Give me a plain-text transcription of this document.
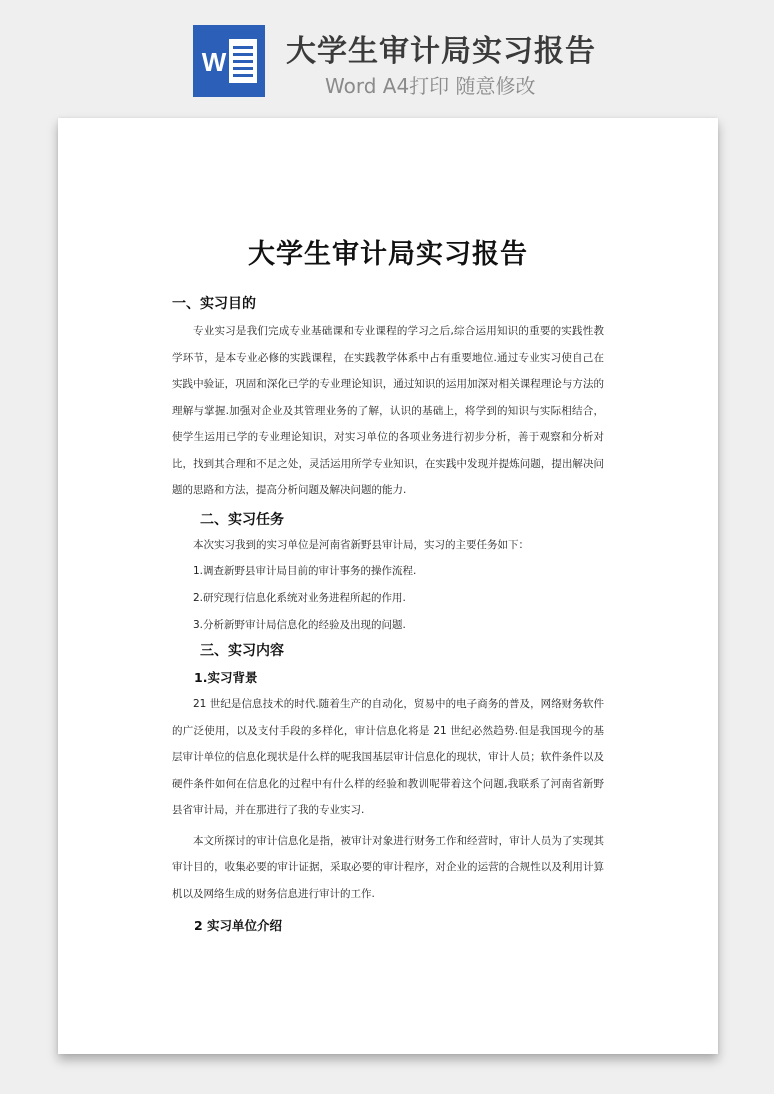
W 大学生审计局实习报告
Word A4打印 随意修改
大学生审计局实习报告

一、实习目的

专业实习是我们完成专业基础课和专业课程的学习之后,综合运用知识的重要的实践性教学环节，是本专业必修的实践课程，在实践教学体系中占有重要地位.通过专业实习使自己在实践中验证，巩固和深化已学的专业理论知识，通过知识的运用加深对相关课程理论与方法的理解与掌握.加强对企业及其管理业务的了解，认识的基础上，将学到的知识与实际相结合，使学生运用已学的专业理论知识，对实习单位的各项业务进行初步分析，善于观察和分析对比，找到其合理和不足之处，灵活运用所学专业知识，在实践中发现并提炼问题，提出解决问题的思路和方法，提高分析问题及解决问题的能力.

二、实习任务

本次实习我到的实习单位是河南省新野县审计局，实习的主要任务如下：

1.调查新野县审计局目前的审计事务的操作流程.

2.研究现行信息化系统对业务进程所起的作用.

3.分析新野审计局信息化的经验及出现的问题.

三、实习内容

1.实习背景

21 世纪是信息技术的时代.随着生产的自动化，贸易中的电子商务的普及，网络财务软件的广泛使用，以及支付手段的多样化，审计信息化将是 21 世纪必然趋势.但是我国现今的基层审计单位的信息化现状是什么样的呢我国基层审计信息化的现状，审计人员；软件条件以及硬件条件如何在信息化的过程中有什么样的经验和教训呢带着这个问题,我联系了河南省新野县省审计局，并在那进行了我的专业实习.

本文所探讨的审计信息化是指，被审计对象进行财务工作和经营时，审计人员为了实现其审计目的，收集必要的审计证据，采取必要的审计程序，对企业的运营的合规性以及利用计算机以及网络生成的财务信息进行审计的工作.

2 实习单位介绍
